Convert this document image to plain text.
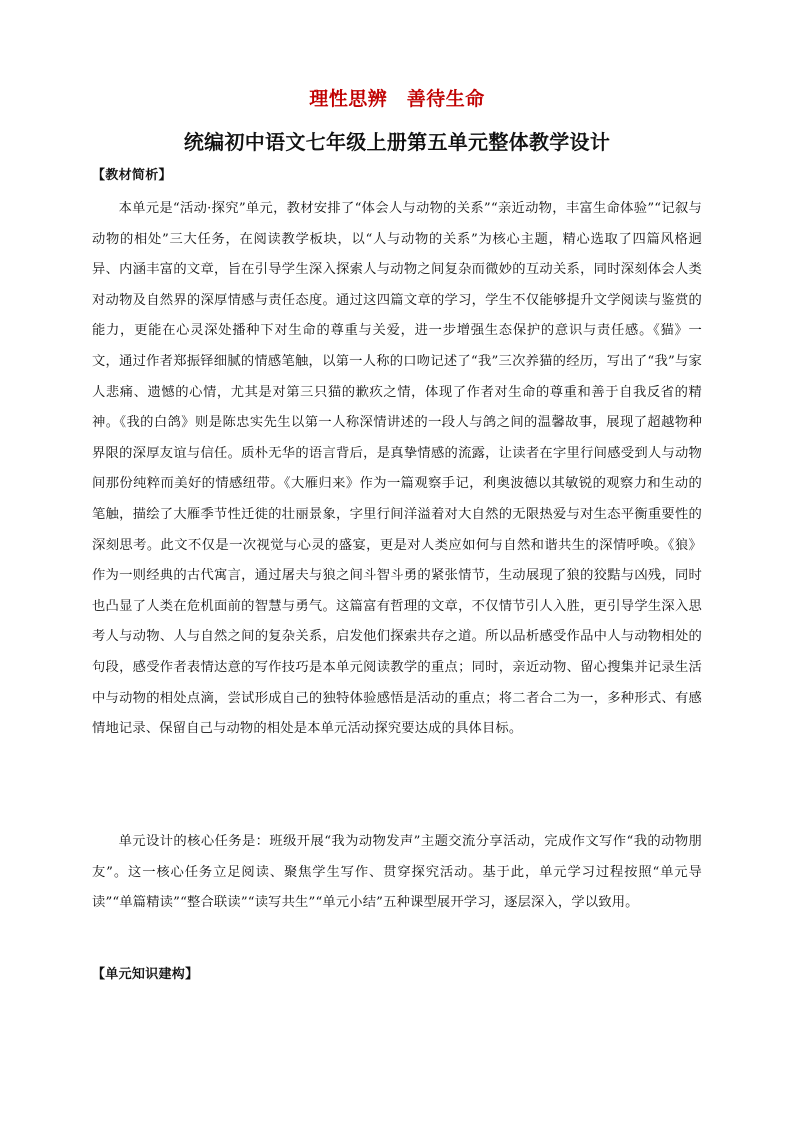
理性思辨　善待生命
统编初中语文七年级上册第五单元整体教学设计
【教材简析】

本单元是“活动·探究”单元，教材安排了“体会人与动物的关系”“亲近动物，丰富生命体验”“记叙与动物的相处”三大任务，在阅读教学板块，以“人与动物的关系”为核心主题，精心选取了四篇风格迥异、内涵丰富的文章，旨在引导学生深入探索人与动物之间复杂而微妙的互动关系，同时深刻体会人类对动物及自然界的深厚情感与责任态度。通过这四篇文章的学习，学生不仅能够提升文学阅读与鉴赏的能力，更能在心灵深处播种下对生命的尊重与关爱，进一步增强生态保护的意识与责任感。《猫》一文，通过作者郑振铎细腻的情感笔触，以第一人称的口吻记述了“我”三次养猫的经历，写出了“我”与家人悲痛、遗憾的心情，尤其是对第三只猫的歉疚之情，体现了作者对生命的尊重和善于自我反省的精神。《我的白鸽》则是陈忠实先生以第一人称深情讲述的一段人与鸽之间的温馨故事，展现了超越物种界限的深厚友谊与信任。质朴无华的语言背后，是真挚情感的流露，让读者在字里行间感受到人与动物间那份纯粹而美好的情感纽带。《大雁归来》作为一篇观察手记，利奥波德以其敏锐的观察力和生动的笔触，描绘了大雁季节性迁徙的壮丽景象，字里行间洋溢着对大自然的无限热爱与对生态平衡重要性的深刻思考。此文不仅是一次视觉与心灵的盛宴，更是对人类应如何与自然和谐共生的深情呼唤。《狼》作为一则经典的古代寓言，通过屠夫与狼之间斗智斗勇的紧张情节，生动展现了狼的狡黠与凶残，同时也凸显了人类在危机面前的智慧与勇气。这篇富有哲理的文章，不仅情节引人入胜，更引导学生深入思考人与动物、人与自然之间的复杂关系，启发他们探索共存之道。所以品析感受作品中人与动物相处的句段，感受作者表情达意的写作技巧是本单元阅读教学的重点；同时，亲近动物、留心搜集并记录生活中与动物的相处点滴，尝试形成自己的独特体验感悟是活动的重点；将二者合二为一，多种形式、有感情地记录、保留自己与动物的相处是本单元活动探究要达成的具体目标。

单元设计的核心任务是：班级开展“我为动物发声”主题交流分享活动，完成作文写作“我的动物朋友”。这一核心任务立足阅读、聚焦学生写作、贯穿探究活动。基于此，单元学习过程按照“单元导读”“单篇精读”“整合联读”“读写共生”“单元小结”五种课型展开学习，逐层深入，学以致用。

【单元知识建构】
